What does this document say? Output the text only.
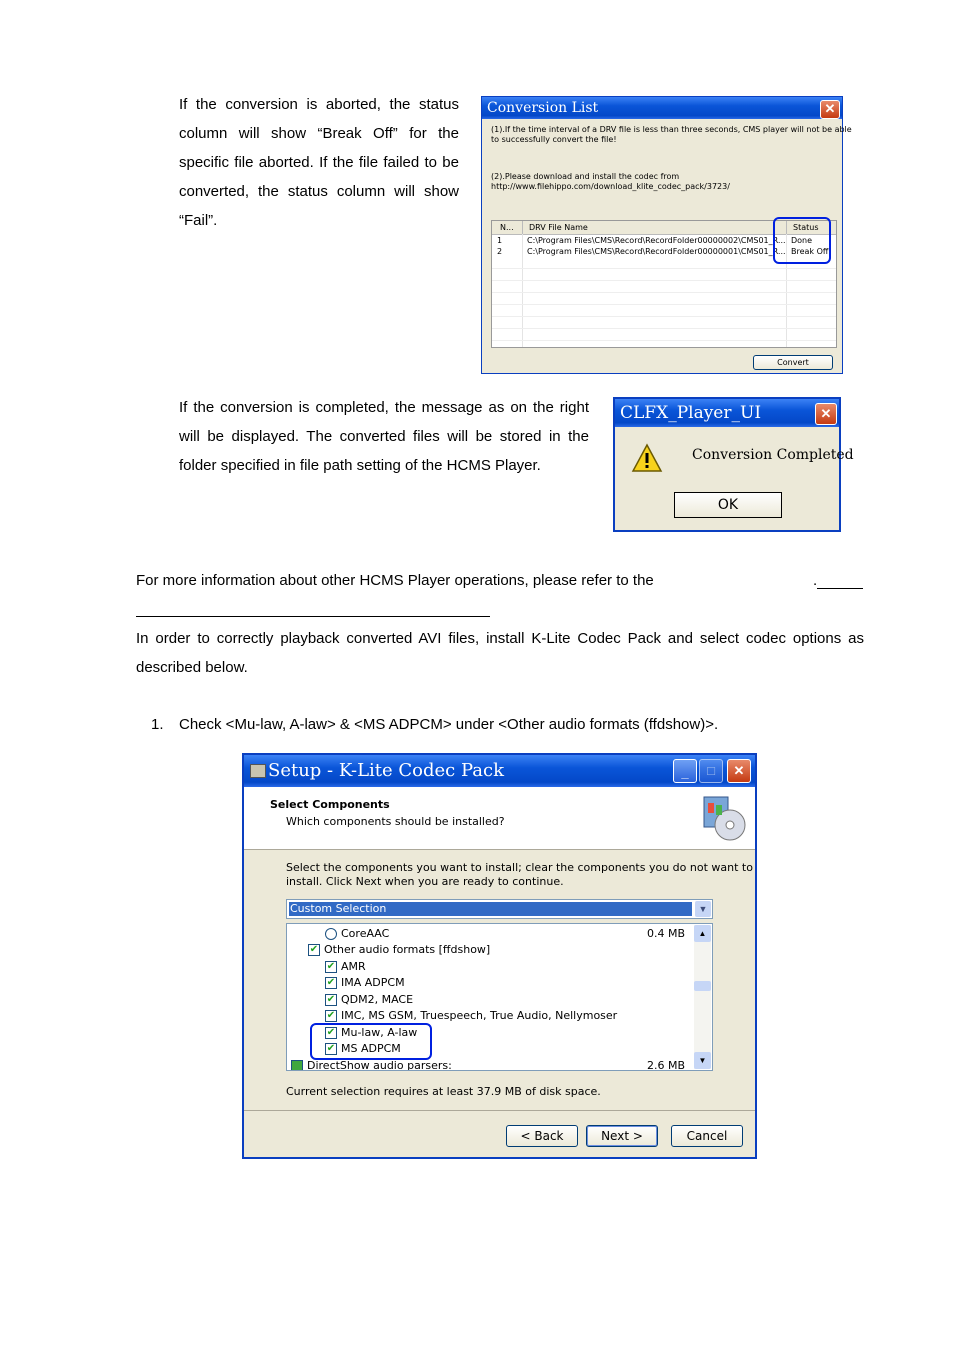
If the conversion is aborted, the status column will show “Break Off” for the specific file aborted. If the file failed to be converted, the status column will show “Fail”.
Conversion List	✕
(1).If the time interval of a DRV file is less than three seconds, CMS player will not be able
to successfully convert the file!
(2).Please download and install the codec from
http://www.filehippo.com/download_klite_codec_pack/3723/
N... DRV File Name	Status
1	C:\Program Files\CMS\Record\RecordFolder00000002\CMS01_R... Done
2	C:\Program Files\CMS\Record\RecordFolder00000001\CMS01_R... Break Off
Convert
If the conversion is completed, the message as on the right will be displayed. The converted files will be stored in the folder specified in file path setting of the HCMS Player.
CLFX_Player_UI	✕
Conversion Completed
OK
For more information about other HCMS Player operations, please refer to the	.
In order to correctly playback converted AVI files, install K-Lite Codec Pack and select codec options as described below.
1. Check <Mu-law, A-law> & <MS ADPCM> under <Other audio formats (ffdshow)>.
Setup - K-Lite Codec Pack	_	□	✕
Select Components
Which components should be installed?
Select the components you want to install; clear the components you do not want to
install. Click Next when you are ready to continue.
Custom Selection	▼
CoreAAC	0.4 MB
✔ Other audio formats [ffdshow]
✔ AMR
✔ IMA ADPCM
✔ QDM2, MACE
✔ IMC, MS GSM, Truespeech, True Audio, Nellymoser
✔ Mu-law, A-law
✔ MS ADPCM
DirectShow audio parsers:	2.6 MB
▲
▼
Current selection requires at least 37.9 MB of disk space.
< Back	Next >	Cancel
